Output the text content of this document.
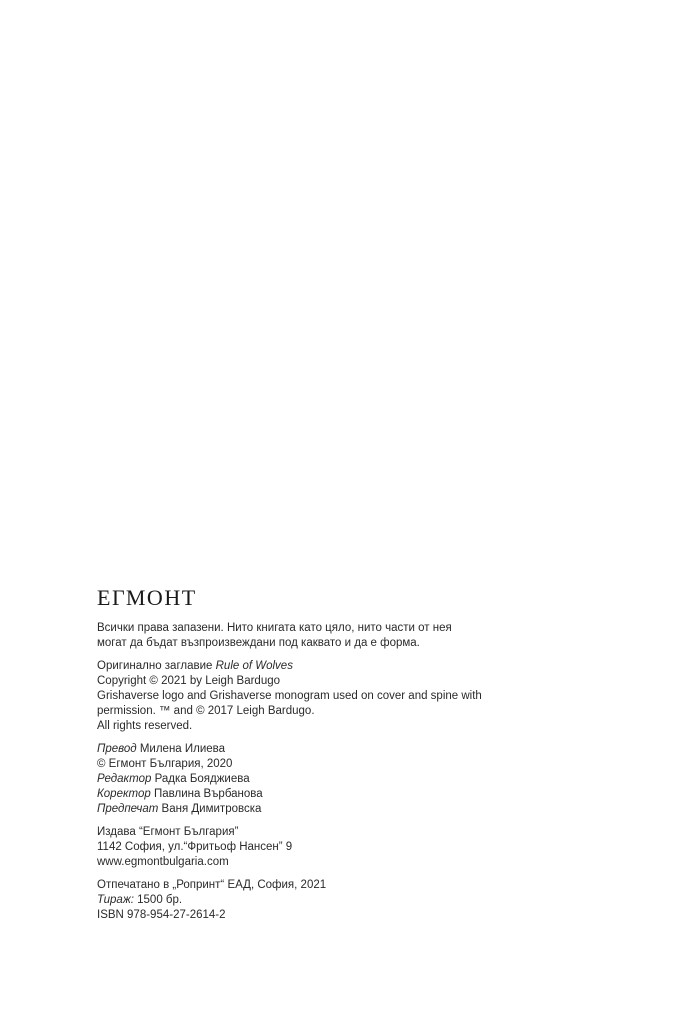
ЕГМОНТ
Всички права запазени. Нито книгата като цяло, нито части от нея
могат да бъдат възпроизвеждани под каквато и да е форма.
Оригинално заглавие Rule of Wolves
Copyright © 2021 by Leigh Bardugo
Grishaverse logo and Grishaverse monogram used on cover and spine with
permission. ™ and © 2017 Leigh Bardugo.
All rights reserved.
Превод Милена Илиева
© Егмонт България, 2020
Редактор Радка Бояджиева
Коректор Павлина Върбанова
Предпечат Ваня Димитровска
Издава “Егмонт България”
1142 София, ул.“Фритьоф Нансен” 9
www.egmontbulgaria.com
Отпечатано в „Ропринт“ ЕАД, София, 2021
Тираж: 1500 бр.
ISBN 978-954-27-2614-2
